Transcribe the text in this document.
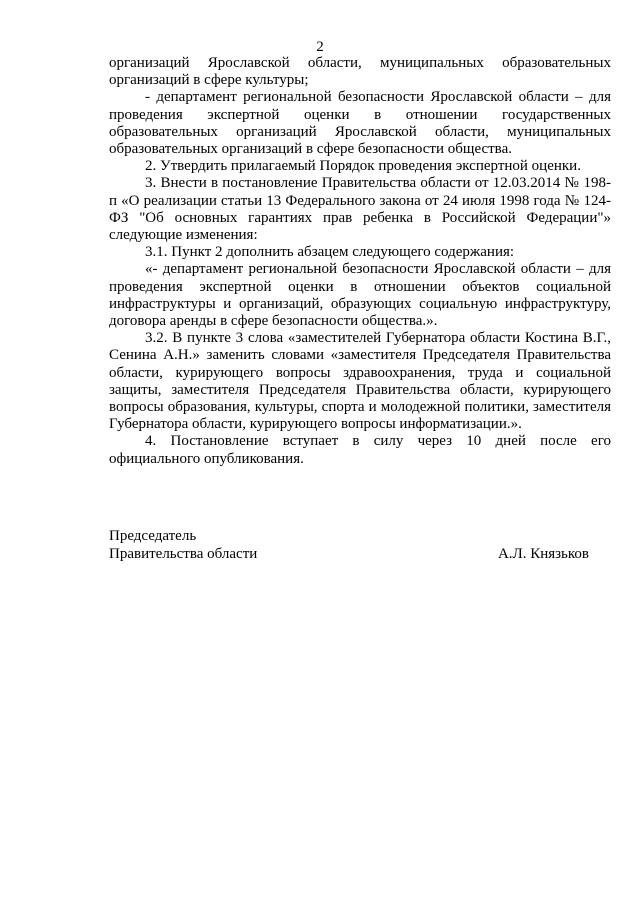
2

организаций Ярославской области, муниципальных образовательных организаций в сфере культуры;

- департамент региональной безопасности Ярославской области – для проведения экспертной оценки в отношении государственных образовательных организаций Ярославской области, муниципальных образовательных организаций в сфере безопасности общества.

2. Утвердить прилагаемый Порядок проведения экспертной оценки.

3. Внести в постановление Правительства области от 12.03.2014 № 198-п «О реализации статьи 13 Федерального закона от 24 июля 1998 года № 124-ФЗ "Об основных гарантиях прав ребенка в Российской Федерации"» следующие изменения:

3.1. Пункт 2 дополнить абзацем следующего содержания:

«- департамент региональной безопасности Ярославской области – для проведения экспертной оценки в отношении объектов социальной инфраструктуры и организаций, образующих социальную инфраструктуру, договора аренды в сфере безопасности общества.».

3.2. В пункте 3 слова «заместителей Губернатора области Костина В.Г., Сенина А.Н.» заменить словами «заместителя Председателя Правительства области, курирующего вопросы здравоохранения, труда и социальной защиты, заместителя Председателя Правительства области, курирующего вопросы образования, культуры, спорта и молодежной политики, заместителя Губернатора области, курирующего вопросы информатизации.».

4. Постановление вступает в силу через 10 дней после его официального опубликования.

Председатель
Правительства области	А.Л. Князьков
